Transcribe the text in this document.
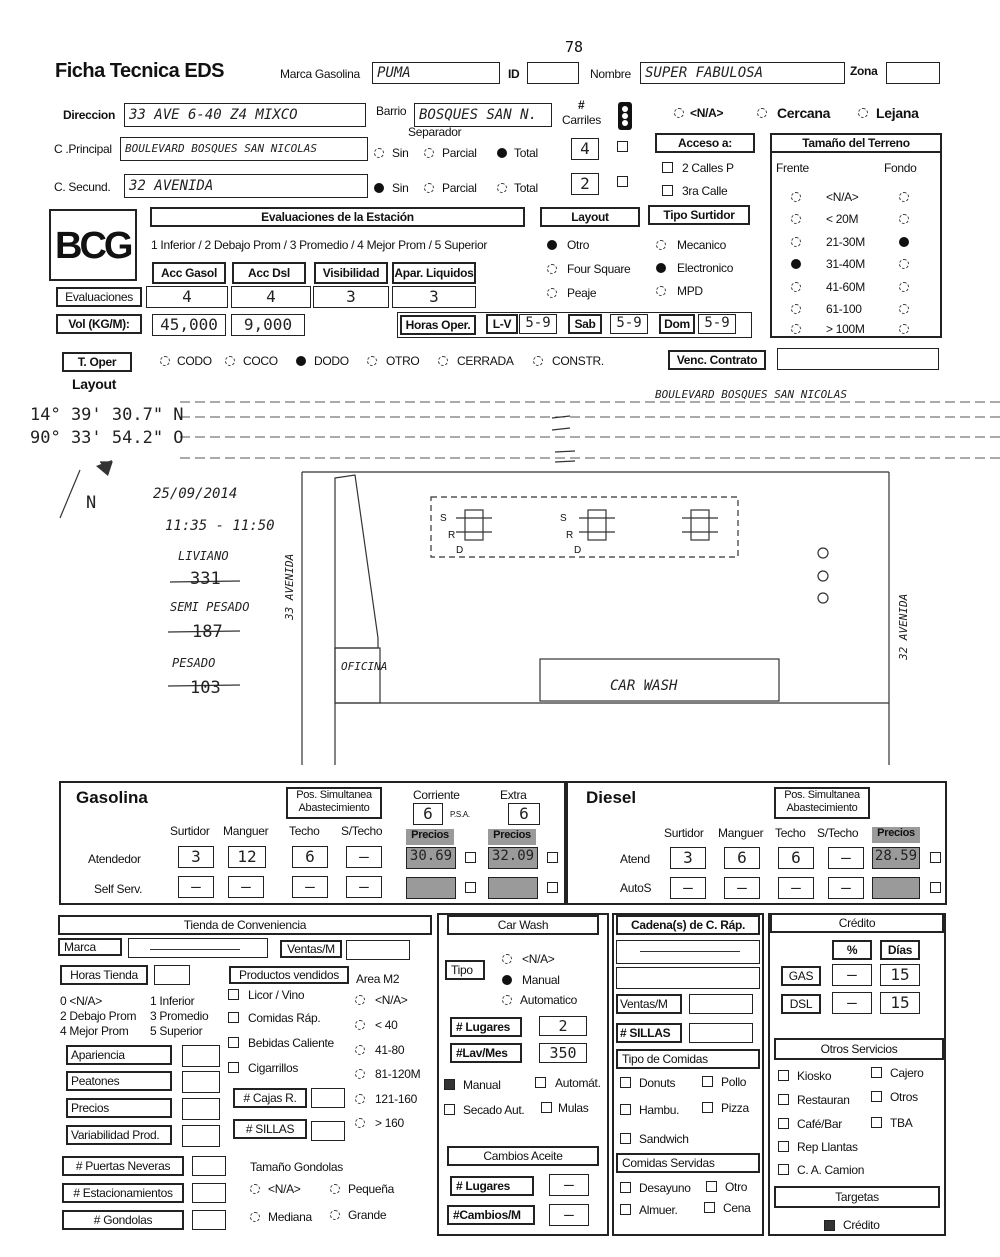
78
Ficha Tecnica EDS	Marca Gasolina PUMA	ID	Nombre SUPER FABULOSA	Zona
Direccion 33 AVE 6-40 Z4 MIXCO	Barrio BOSQUES SAN N.
#
Carriles	<N/A>	Cercana	Lejana
Separador
C .Principal BOULEVARD BOSQUES SAN NICOLAS	Sin	Parcial	Total	4
C. Secund. 32 AVENIDA	Sin	Parcial	Total	2
Acceso a:
2 Calles P
3ra Calle
Tamaño del Terreno
Frente	Fondo
<N/A>
< 20M
21-30M
31-40M
41-60M
61-100
> 100M
BCG
Evaluaciones de la Estación
1 Inferior / 2 Debajo Prom / 3 Promedio / 4 Mejor Prom / 5 Superior
Acc Gasol	Acc Dsl	Visibilidad	Apar. Liquidos
Evaluaciones	4	4	3	3
Vol (KG/M):	45,000	9,000	Horas Oper.	L-V	5-9	Sab	5-9	Dom	5-9
Layout
Otro
Four Square
Peaje
Tipo Surtidor
Mecanico
Electronico
MPD
T. Oper	CODO	COCO	DODO	OTRO	CERRADA	CONSTR.	Venc. Contrato
Layout
BOULEVARD BOSQUES SAN NICOLAS
14° 39' 30.7" N
90° 33' 54.2" O
N	25/09/2014
11:35 - 11:50
LIVIANO
331
SEMI PESADO
187
PESADO
103
33 AVENIDA
32 AVENIDA
OFICINA
CAR WASH
S
R
D
S
R
D
Gasolina	Pos. Simultanea Abastecimiento
Corriente
6	P.S.A.
Extra
6
Surtidor Manguer Techo S/Techo	Precios	Precios
Atendedor	3	12	6	—	30.69	32.09
Self Serv.	—	—	—	—
Diesel	Pos. Simultanea Abastecimiento
Surtidor Manguer Techo S/Techo	Precios
Atend	3	6	6	—	28.59
AutoS	—	—	—	—
Tienda de Conveniencia
Marca	Ventas/M
Horas Tienda	Productos vendidos	Area M2
0 <N/A>	1 Inferior
2 Debajo Prom 3 Promedio
4 Mejor Prom 5 Superior
Licor / Vino
Comidas Ráp.
Bebidas Caliente
Cigarrillos
<N/A>
< 40
41-80
81-120M
121-160
> 160
Apariencia
Peatones
Precios
Variabilidad Prod.
# Cajas R.
# SILLAS
# Puertas Neveras
# Estacionamientos
# Gondolas
Tamaño Gondolas
<N/A>	Pequeña
Mediana	Grande
Car Wash
Tipo
<N/A>
Manual
Automatico
# Lugares	2
#Lav/Mes	350
Manual	Automát.
Secado Aut.	Mulas
Cambios Aceite
# Lugares	—
#Cambios/M	—
Cadena(s) de C. Ráp.
Ventas/M
# SILLAS
Tipo de Comidas
Donuts	Pollo
Hambu.	Pizza
Sandwich
Comidas Servidas
Desayuno	Otro
Almuer.	Cena
Crédito
%	Días
GAS	—	15
DSL	—	15
Otros Servicios
Kiosko	Cajero
Restauran	Otros
Café/Bar	TBA
Rep Llantas
C. A. Camion
Targetas
Crédito
